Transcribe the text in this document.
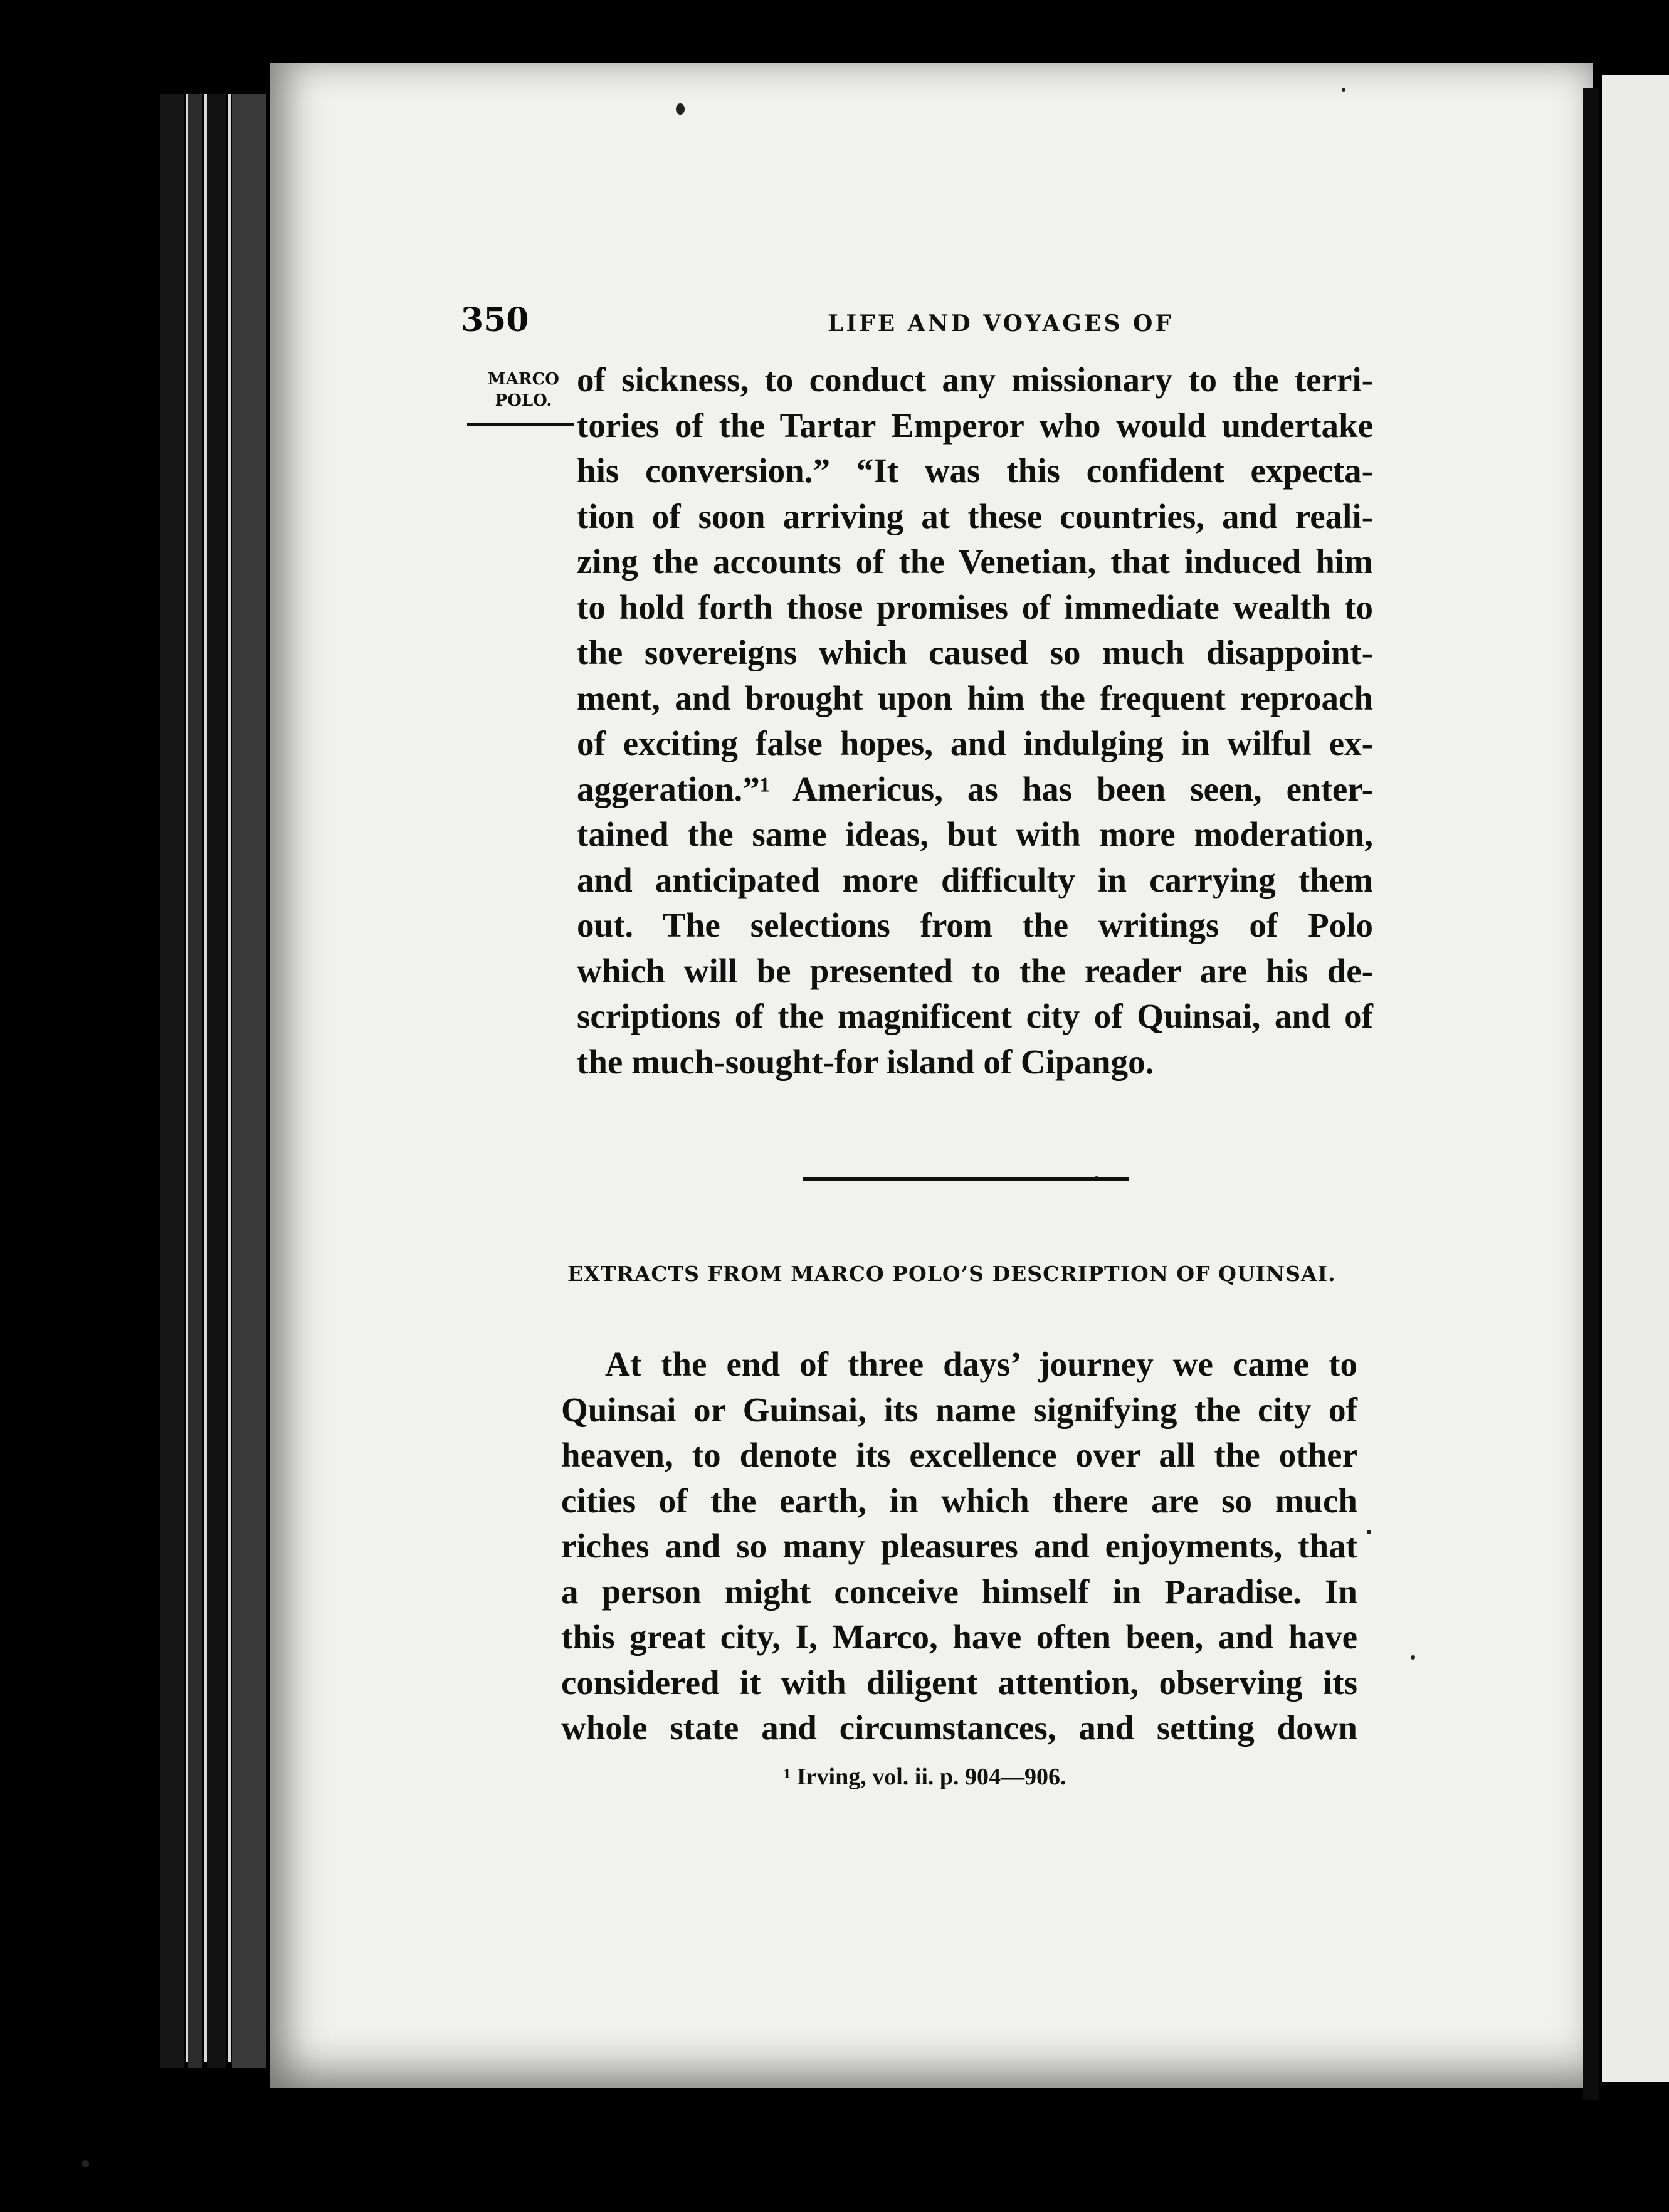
350	LIFE AND VOYAGES OF
MARCO
POLO.
of sickness, to conduct any missionary to the terri-
tories of the Tartar Emperor who would undertake
his conversion.” “It was this confident expecta-
tion of soon arriving at these countries, and reali-
zing the accounts of the Venetian, that induced him
to hold forth those promises of immediate wealth to
the sovereigns which caused so much disappoint-
ment, and brought upon him the frequent reproach
of exciting false hopes, and indulging in wilful ex-
aggeration.”¹ Americus, as has been seen, enter-
tained the same ideas, but with more moderation,
and anticipated more difficulty in carrying them
out. The selections from the writings of Polo
which will be presented to the reader are his de-
scriptions of the magnificent city of Quinsai, and of
the much-sought-for island of Cipango.
EXTRACTS FROM MARCO POLO’S DESCRIPTION OF QUINSAI.
At the end of three days’ journey we came to
Quinsai or Guinsai, its name signifying the city of
heaven, to denote its excellence over all the other
cities of the earth, in which there are so much
riches and so many pleasures and enjoyments, that
a person might conceive himself in Paradise. In
this great city, I, Marco, have often been, and have
considered it with diligent attention, observing its
whole state and circumstances, and setting down
¹ Irving, vol. ii. p. 904—906.
